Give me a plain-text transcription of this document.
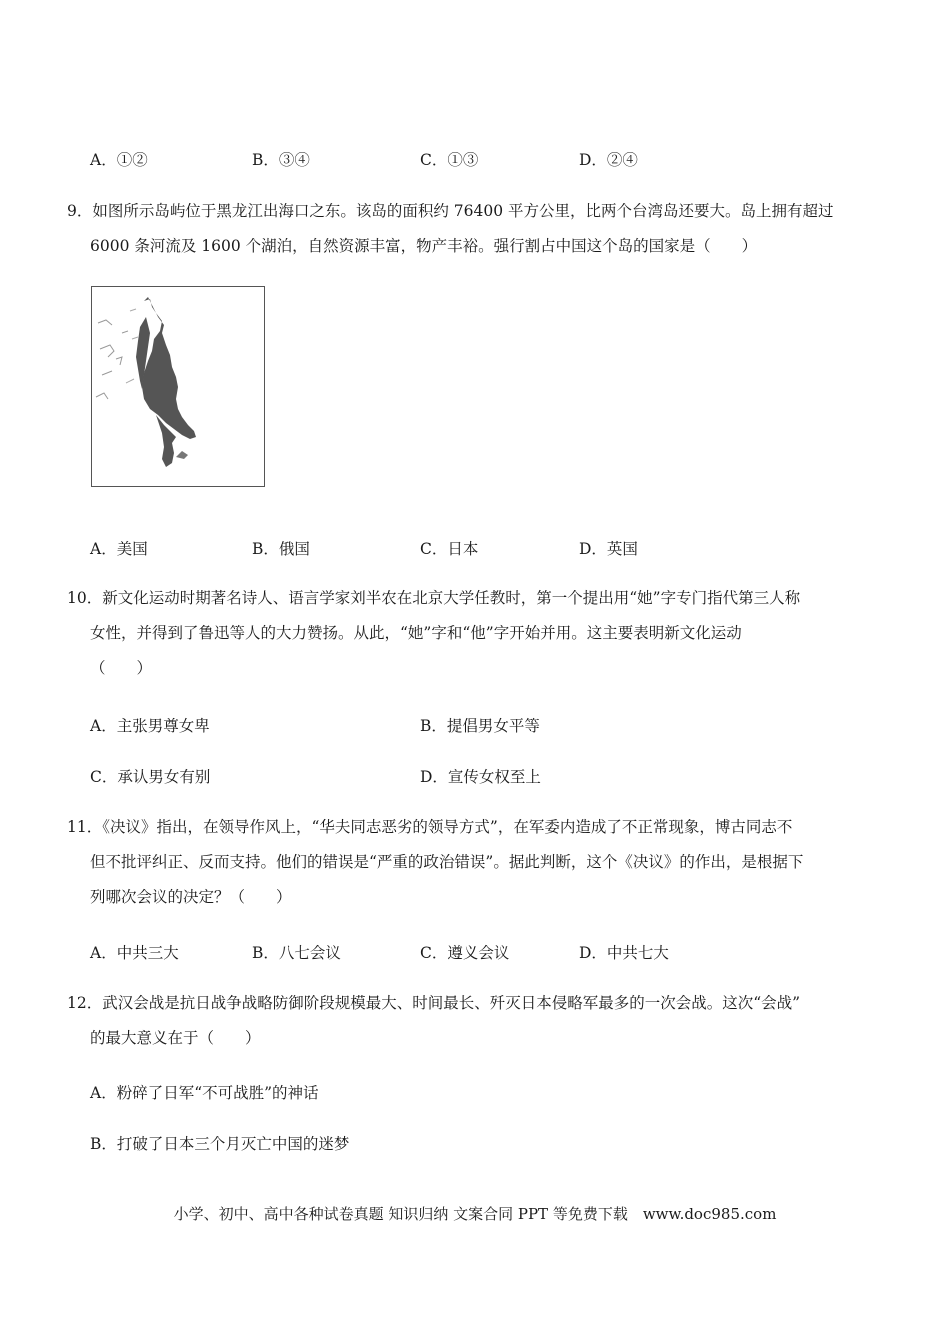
A．①②	B．③④	C．①③	D．②④
9．如图所示岛屿位于黑龙江出海口之东。该岛的面积约 76400 平方公里，比两个台湾岛还要大。岛上拥有超过
6000 条河流及 1600 个湖泊，自然资源丰富，物产丰裕。强行割占中国这个岛的国家是（　　）
A．美国	B．俄国	C．日本	D．英国
10．新文化运动时期著名诗人、语言学家刘半农在北京大学任教时，第一个提出用“她”字专门指代第三人称
女性，并得到了鲁迅等人的大力赞扬。从此，“她”字和“他”字开始并用。这主要表明新文化运动
（　　）
A．主张男尊女卑	B．提倡男女平等
C．承认男女有别	D．宣传女权至上
11．《决议》指出，在领导作风上，“华夫同志恶劣的领导方式”，在军委内造成了不正常现象，博古同志不
但不批评纠正、反而支持。他们的错误是“严重的政治错误”。据此判断，这个《决议》的作出，是根据下
列哪次会议的决定？（　　）
A．中共三大	B．八七会议	C．遵义会议	D．中共七大
12．武汉会战是抗日战争战略防御阶段规模最大、时间最长、歼灭日本侵略军最多的一次会战。这次“会战”
的最大意义在于（　　）
A．粉碎了日军“不可战胜”的神话
B．打破了日本三个月灭亡中国的迷梦
小学、初中、高中各种试卷真题 知识归纳 文案合同 PPT 等免费下载　www.doc985.com
